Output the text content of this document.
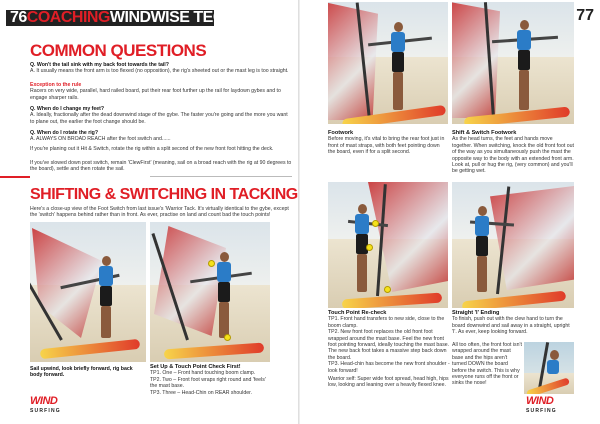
76COACHINGWINDWISE TECHNIQUE
COMMON QUESTIONS
Q. Won't the tail sink with my back foot towards the tail?
A. It usually means the front arm is too flexed (no opposition), the rig's sheeted out or the mast leg is too straight.
Exception to the rule
Racers on very wide, parallel, hard railed board, put their rear foot further up the rail for laydown gybes and to engage sharper rails.
Q. When do I change my feet?
A. Ideally, fractionally after the dead downwind stage of the gybe. The faster you're going and the more you want to plane out, the earlier the foot change should be.
Q. When do I rotate the rig?
A. ALWAYS ON BROAD REACH after the foot switch and......
If you're planing out it Hit & Switch, rotate the rig within a split second of the new front foot hitting the deck.
If you've slowed down post switch, remain 'ClewFirst' (meaning, sail on a broad reach with the rig at 90 degrees to the board), settle and then rotate the sail.
SHIFTING & SWITCHING IN TACKING
Here's a close-up view of the Foot Switch from last issue's 'Warrior Tack. It's virtually identical to the gybe, except the 'switch' happens behind rather than in front. As ever, practise on land and count bad the touch points!
Sail upwind, look briefly forward, rig back body forward.
Set Up & Touch Point Check First!
TP1. One – Front hand touching boom clamp.
TP2. Two – Front foot wraps right round and 'feels' the mast base.
TP3. Three – Head-Chin on REAR shoulder.
WIND
SURFING
77
Footwork
Before moving, it's vital to bring the rear foot just in front of mast straps, with both feet pointing down the board, even if for a split second.
Shift & Switch Footwork
As the head turns, the feet and hands move together. When switching, knock the old front foot out of the way as you simultaneously push the mast the opposite way to the body with an extended front arm. Look at, pull or hug the rig, (very common) and you'll be getting wet.
Touch Point Re-check
TP1. Front hand transfers to new side, close to the boom clamp.
TP2. New front foot replaces the old front foot wrapped around the mast base. Feel the new front foot pointing forward, ideally touching the mast base. The new back foot takes a massive step back down the board.
TP3. Head-chin has become the new front shoulder - look forward!
Warrior self: Super wide foot spread, head high, hips low, looking and leaning over a heavily flexed knee.
Straight 'I' Ending
To finish, push out with the clew hand to turn the board downwind and sail away in a straight, upright 'I'. As ever, keep looking forward.
All too often, the front foot isn't wrapped around the mast base and the hips aren't turned DOWN the board before the switch. This is why everyone runs off the front or sinks the nose!
WIND
SURFING
